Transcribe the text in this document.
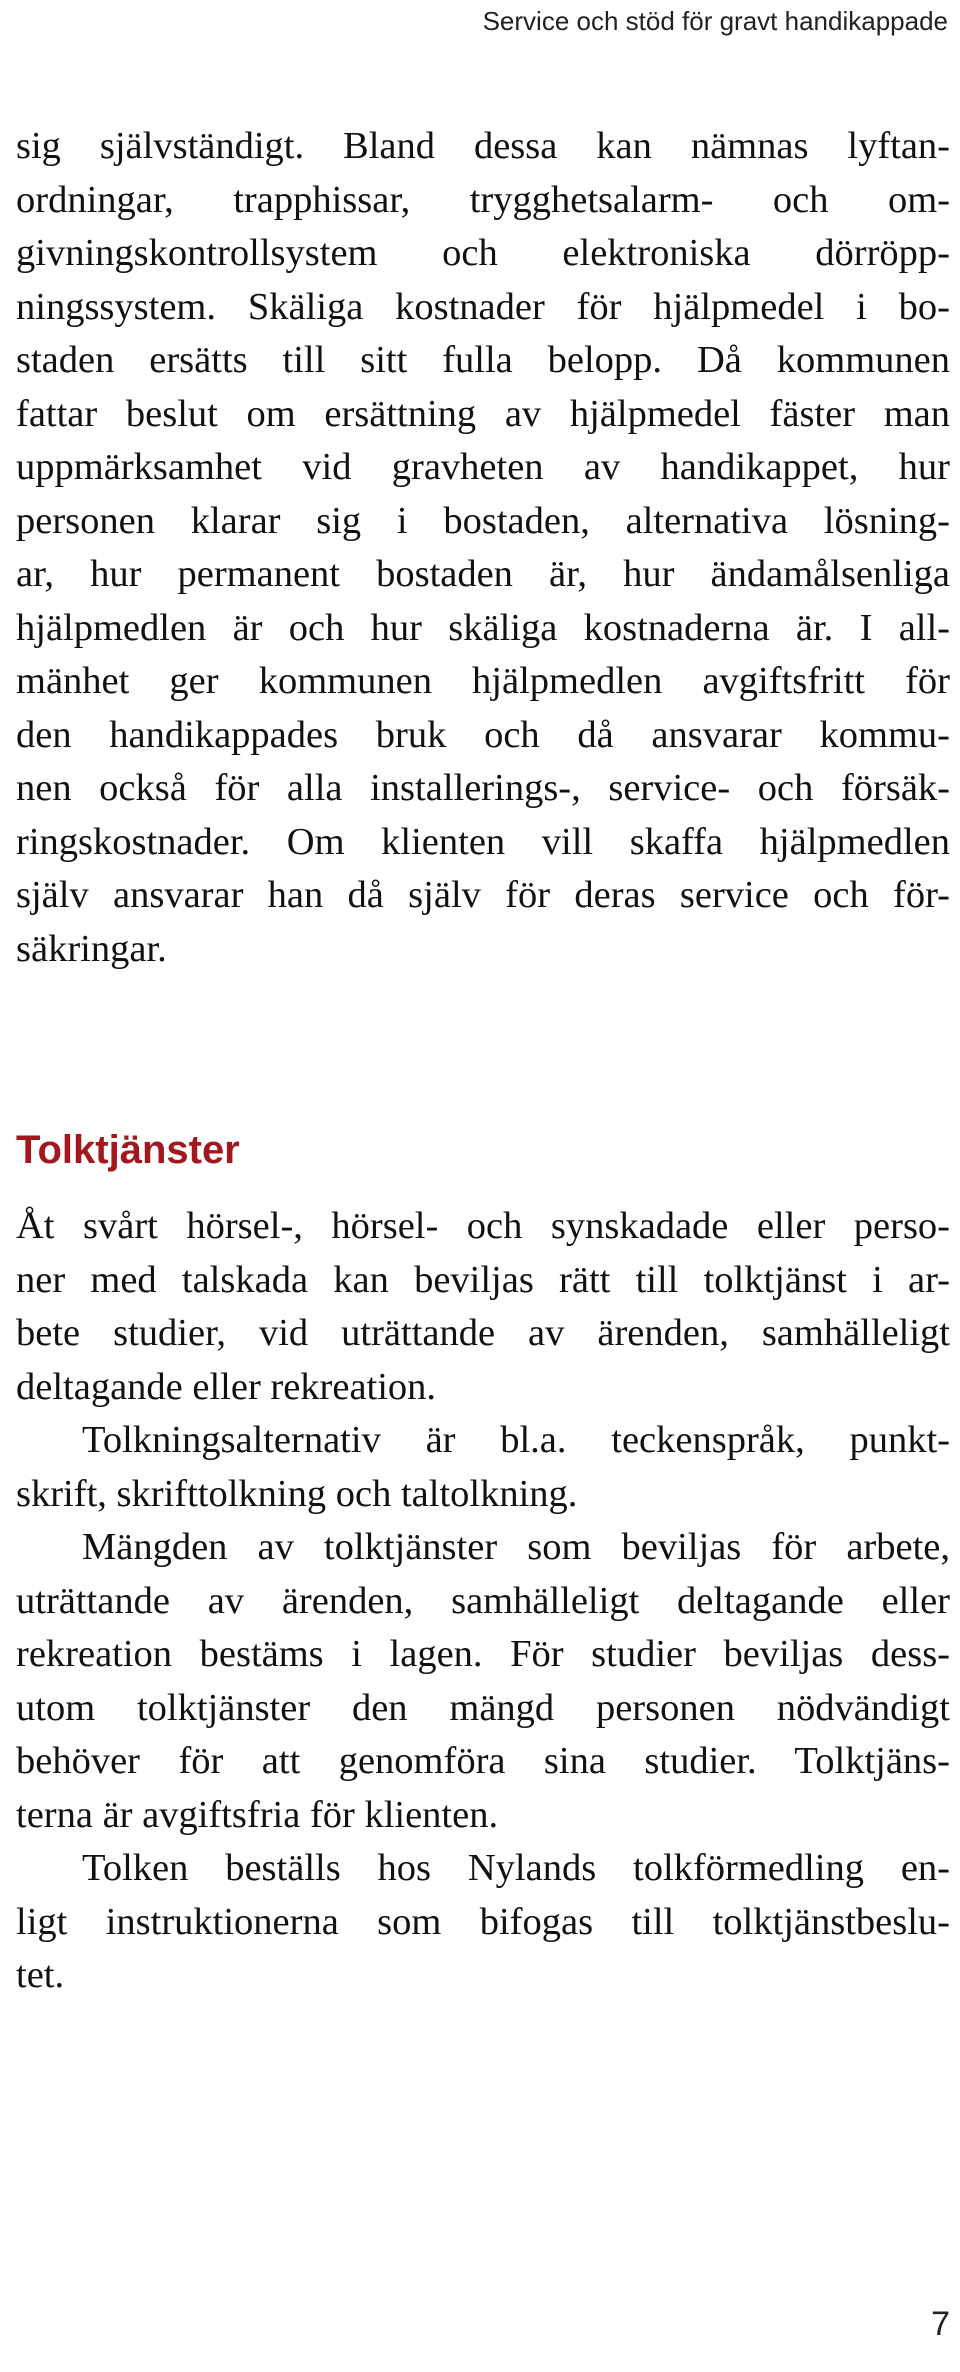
Service och stöd för gravt handikappade
sig självständigt. Bland dessa kan nämnas lyftan-
ordningar, trapphissar, trygghetsalarm- och om-
givningskontrollsystem och elektroniska dörröpp-
ningssystem. Skäliga kostnader för hjälpmedel i bo-
staden ersätts till sitt fulla belopp. Då kommunen
fattar beslut om ersättning av hjälpmedel fäster man
uppmärksamhet vid gravheten av handikappet, hur
personen klarar sig i bostaden, alternativa lösning-
ar, hur permanent bostaden är, hur ändamålsenliga
hjälpmedlen är och hur skäliga kostnaderna är. I all-
mänhet ger kommunen hjälpmedlen avgiftsfritt för
den handikappades bruk och då ansvarar kommu-
nen också för alla installerings-, service- och försäk-
ringskostnader. Om klienten vill skaffa hjälpmedlen
själv ansvarar han då själv för deras service och för-
säkringar.
Tolktjänster
Åt svårt hörsel-, hörsel- och synskadade eller perso-
ner med talskada kan beviljas rätt till tolktjänst i ar-
bete studier, vid uträttande av ärenden, samhälleligt
deltagande eller rekreation.
Tolkningsalternativ är bl.a. teckenspråk, punkt-
skrift, skrifttolkning och taltolkning.
Mängden av tolktjänster som beviljas för arbete,
uträttande av ärenden, samhälleligt deltagande eller
rekreation bestäms i lagen. För studier beviljas dess-
utom tolktjänster den mängd personen nödvändigt
behöver för att genomföra sina studier. Tolktjäns-
terna är avgiftsfria för klienten.
Tolken beställs hos Nylands tolkförmedling en-
ligt instruktionerna som bifogas till tolktjänstbeslu-
tet.
7
